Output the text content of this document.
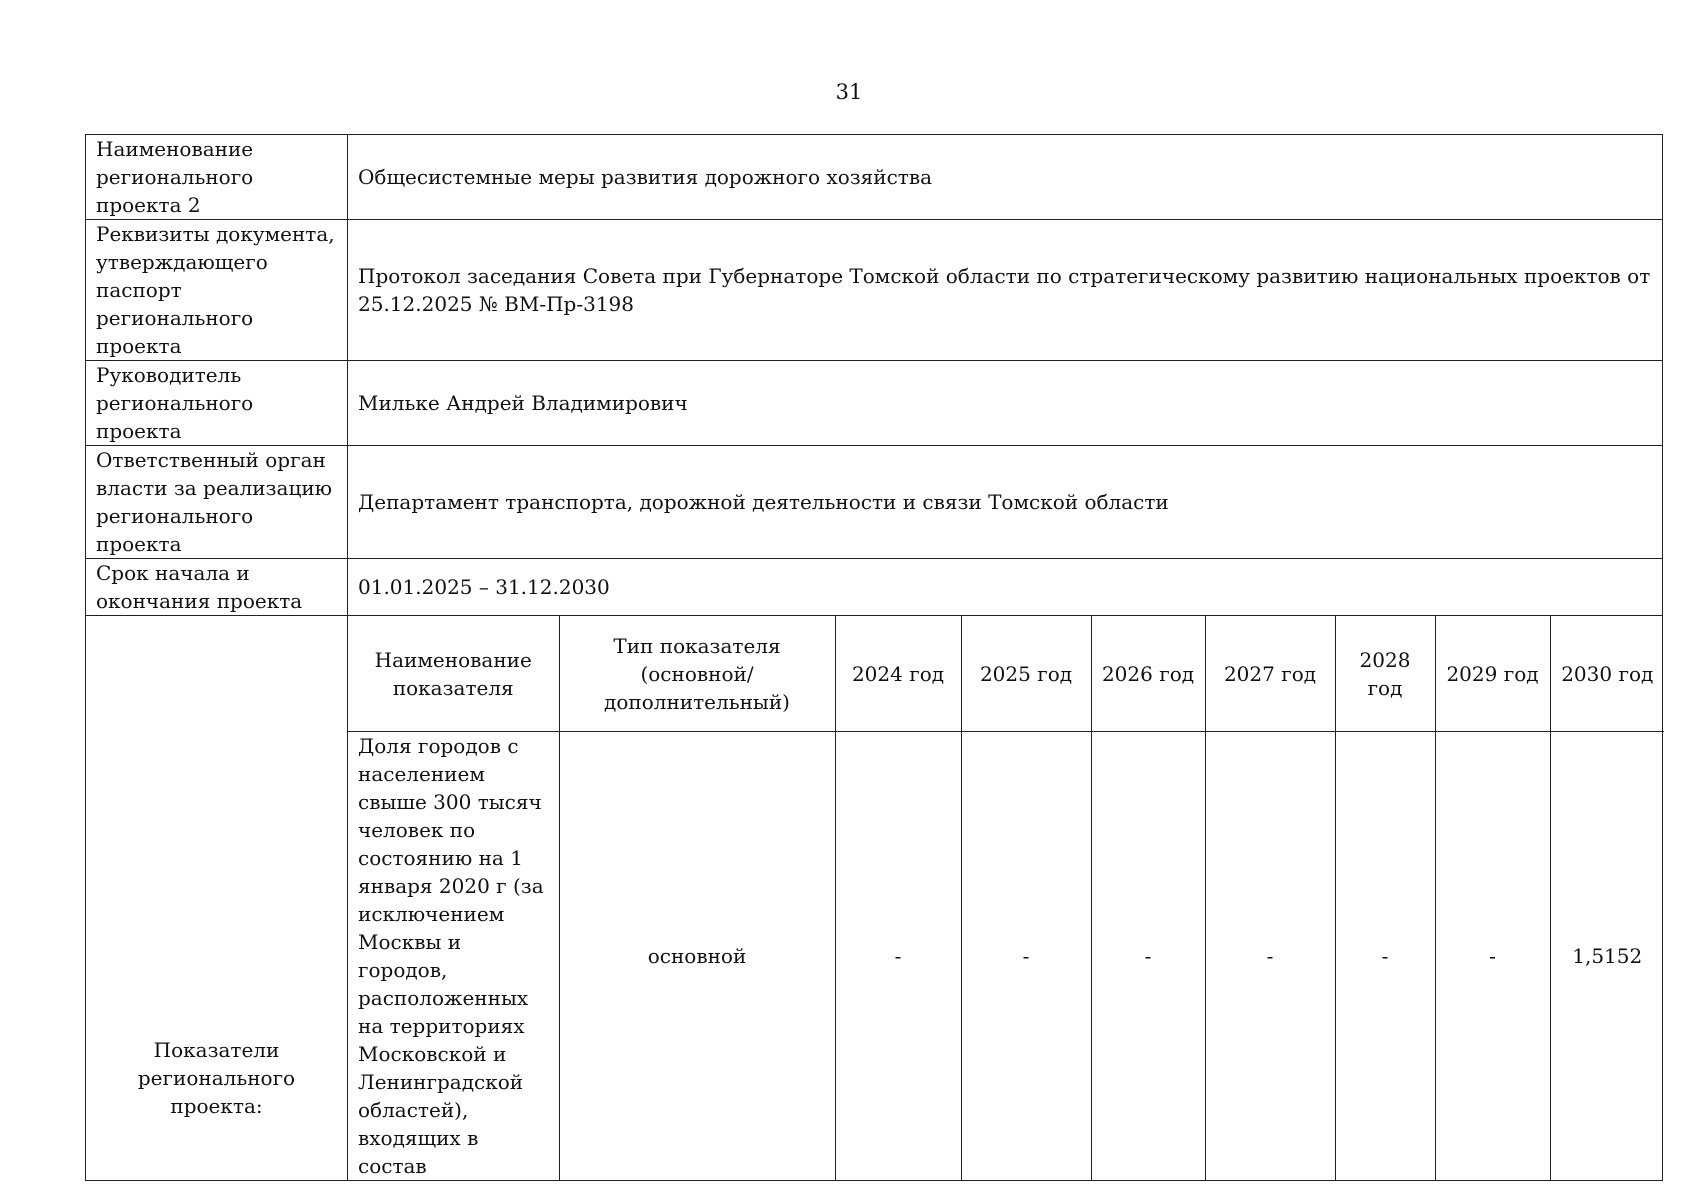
31
Наименование регионального проекта 2	Общесистемные меры развития дорожного хозяйства
Реквизиты документа, утверждающего паспорт регионального проекта	Протокол заседания Совета при Губернаторе Томской области по стратегическому развитию национальных проектов от 25.12.2025 № ВМ-Пр-3198
Руководитель регионального проекта	Мильке Андрей Владимирович
Ответственный орган власти за реализацию регионального проекта	Департамент транспорта, дорожной деятельности и связи Томской области
Срок начала и окончания проекта	01.01.2025 – 31.12.2030
Показатели регионального проекта:	
Наименование показателя	Тип показателя (основной/ дополнительный)	2024 год	2025 год	2026 год	2027 год	2028 год	2029 год	2030 год
Доля городов с населением свыше 300 тысяч человек по состоянию на 1 января 2020 г (за исключением Москвы и городов, расположенных на территориях Московской и Ленинградской областей), входящих в состав	основной	-	-	-	-	-	-	1,5152
